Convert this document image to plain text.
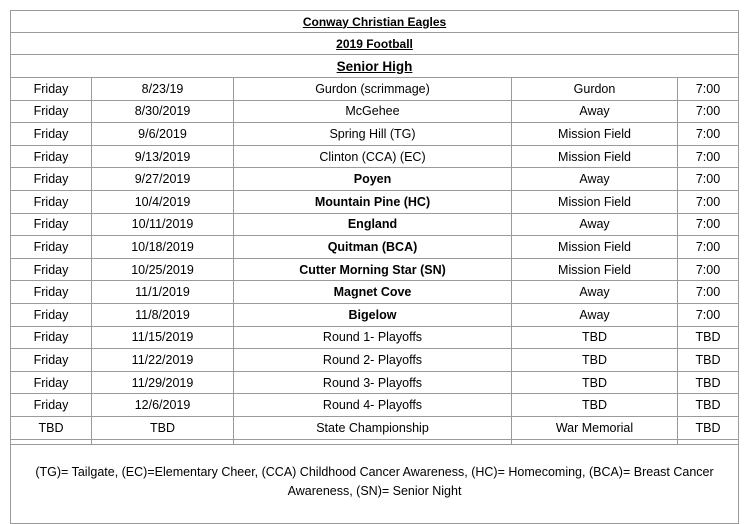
Conway Christian Eagles				
2019 Football				
Senior High				
Friday	8/23/19	Gurdon (scrimmage)	Gurdon	7:00
Friday	8/30/2019	McGehee	Away	7:00
Friday	9/6/2019	Spring Hill (TG)	Mission Field	7:00
Friday	9/13/2019	Clinton (CCA) (EC)	Mission Field	7:00
Friday	9/27/2019	Poyen	Away	7:00
Friday	10/4/2019	Mountain Pine (HC)	Mission Field	7:00
Friday	10/11/2019	England	Away	7:00
Friday	10/18/2019	Quitman (BCA)	Mission Field	7:00
Friday	10/25/2019	Cutter Morning Star (SN)	Mission Field	7:00
Friday	11/1/2019	Magnet Cove	Away	7:00
Friday	11/8/2019	Bigelow	Away	7:00
Friday	11/15/2019	Round 1- Playoffs	TBD	TBD
Friday	11/22/2019	Round 2- Playoffs	TBD	TBD
Friday	11/29/2019	Round 3- Playoffs	TBD	TBD
Friday	12/6/2019	Round 4- Playoffs	TBD	TBD
TBD	TBD	State Championship	War Memorial	TBD

(TG)= Tailgate, (EC)=Elementary Cheer, (CCA) Childhood Cancer Awareness, (HC)= Homecoming, (BCA)= Breast Cancer Awareness, (SN)= Senior Night				
